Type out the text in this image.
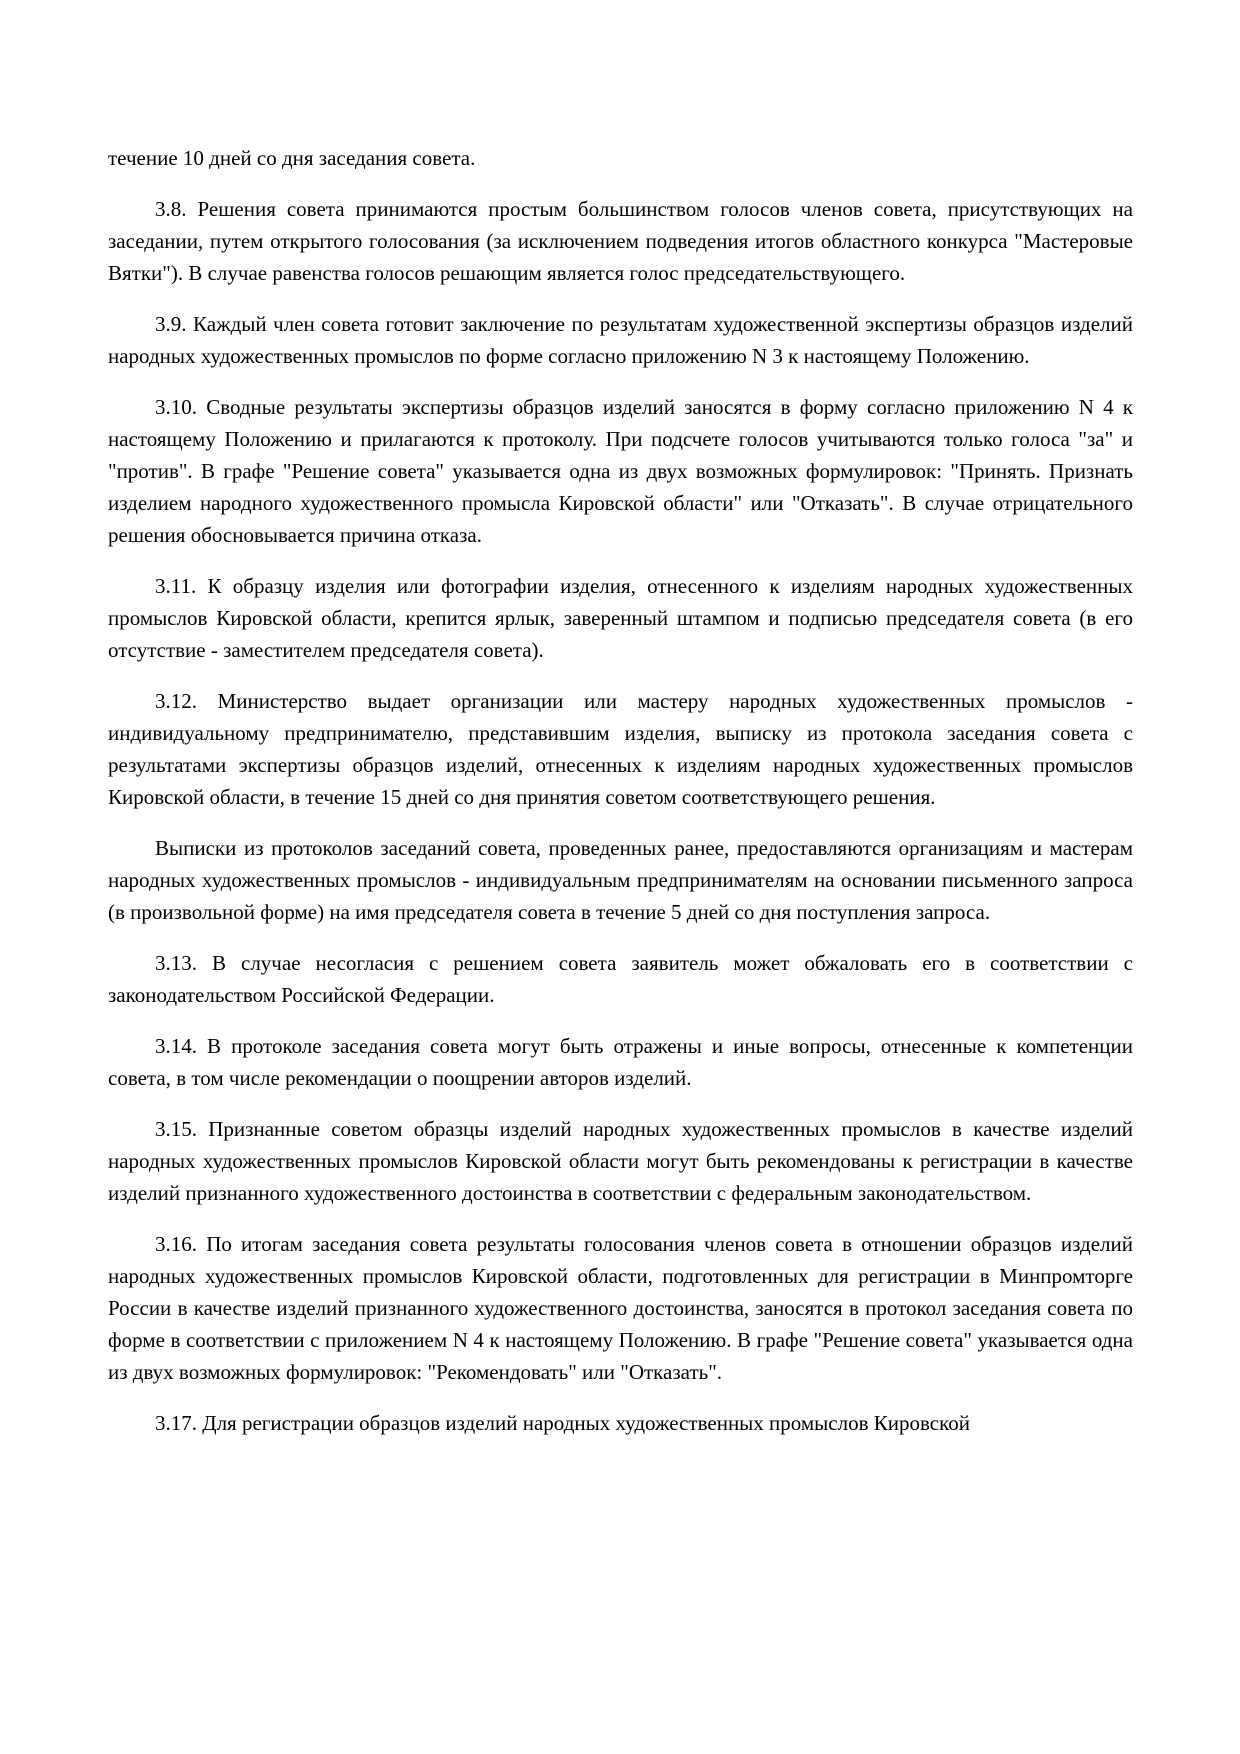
течение 10 дней со дня заседания совета.

3.8. Решения совета принимаются простым большинством голосов членов совета, присутствующих на заседании, путем открытого голосования (за исключением подведения итогов областного конкурса "Мастеровые Вятки"). В случае равенства голосов решающим является голос председательствующего.

3.9. Каждый член совета готовит заключение по результатам художественной экспертизы образцов изделий народных художественных промыслов по форме согласно приложению N 3 к настоящему Положению.

3.10. Сводные результаты экспертизы образцов изделий заносятся в форму согласно приложению N 4 к настоящему Положению и прилагаются к протоколу. При подсчете голосов учитываются только голоса "за" и "против". В графе "Решение совета" указывается одна из двух возможных формулировок: "Принять. Признать изделием народного художественного промысла Кировской области" или "Отказать". В случае отрицательного решения обосновывается причина отказа.

3.11. К образцу изделия или фотографии изделия, отнесенного к изделиям народных художественных промыслов Кировской области, крепится ярлык, заверенный штампом и подписью председателя совета (в его отсутствие - заместителем председателя совета).

3.12. Министерство выдает организации или мастеру народных художественных промыслов - индивидуальному предпринимателю, представившим изделия, выписку из протокола заседания совета с результатами экспертизы образцов изделий, отнесенных к изделиям народных художественных промыслов Кировской области, в течение 15 дней со дня принятия советом соответствующего решения.

Выписки из протоколов заседаний совета, проведенных ранее, предоставляются организациям и мастерам народных художественных промыслов - индивидуальным предпринимателям на основании письменного запроса (в произвольной форме) на имя председателя совета в течение 5 дней со дня поступления запроса.

3.13. В случае несогласия с решением совета заявитель может обжаловать его в соответствии с законодательством Российской Федерации.

3.14. В протоколе заседания совета могут быть отражены и иные вопросы, отнесенные к компетенции совета, в том числе рекомендации о поощрении авторов изделий.

3.15. Признанные советом образцы изделий народных художественных промыслов в качестве изделий народных художественных промыслов Кировской области могут быть рекомендованы к регистрации в качестве изделий признанного художественного достоинства в соответствии с федеральным законодательством.

3.16. По итогам заседания совета результаты голосования членов совета в отношении образцов изделий народных художественных промыслов Кировской области, подготовленных для регистрации в Минпромторге России в качестве изделий признанного художественного достоинства, заносятся в протокол заседания совета по форме в соответствии с приложением N 4 к настоящему Положению. В графе "Решение совета" указывается одна из двух возможных формулировок: "Рекомендовать" или "Отказать".

3.17. Для регистрации образцов изделий народных художественных промыслов Кировской
